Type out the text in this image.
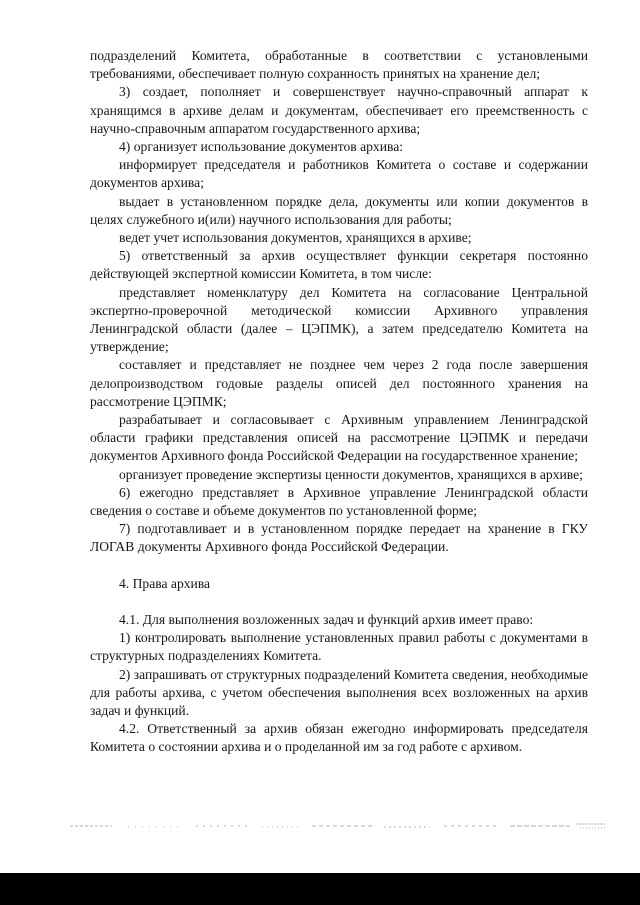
подразделений Комитета, обработанные в соответствии с установлеными требованиями, обеспечивает полную сохранность принятых на хранение дел;

3) создает, пополняет и совершенствует научно-справочный аппарат к хранящимся в архиве делам и документам, обеспечивает его преемственность с научно-справочным аппаратом государственного архива;

4) организует использование документов архива:

информирует председателя и работников Комитета о составе и содержании документов архива;

выдает в установленном порядке дела, документы или копии документов в целях служебного и(или) научного использования для работы;

ведет учет использования документов, хранящихся в архиве;

5) ответственный за архив осуществляет функции секретаря постоянно действующей экспертной комиссии Комитета, в том числе:

представляет номенклатуру дел Комитета на согласование Центральной экспертно-проверочной методической комиссии Архивного управления Ленинградской области (далее – ЦЭПМК), а затем председателю Комитета на утверждение;

составляет и представляет не позднее чем через 2 года после завершения делопроизводством годовые разделы описей дел постоянного хранения на рассмотрение ЦЭПМК;

разрабатывает и согласовывает с Архивным управлением Ленинградской области графики представления описей на рассмотрение ЦЭПМК и передачи документов Архивного фонда Российской Федерации на государственное хранение;

организует проведение экспертизы ценности документов, хранящихся в архиве;

6) ежегодно представляет в Архивное управление Ленинградской области сведения о составе и объеме документов по установленной форме;

7) подготавливает и в установленном порядке передает на хранение в ГКУ ЛОГАВ документы Архивного фонда Российской Федерации.

4. Права архива

4.1. Для выполнения возложенных задач и функций архив имеет право:

1) контролировать выполнение установленных правил работы с документами в структурных подразделениях Комитета.

2) запрашивать от структурных подразделений Комитета сведения, необходимые для работы архива, с учетом обеспечения выполнения всех возложенных на архив задач и функций.

4.2. Ответственный за архив обязан ежегодно информировать председателя Комитета о состоянии архива и о проделанной им за год работе с архивом.
